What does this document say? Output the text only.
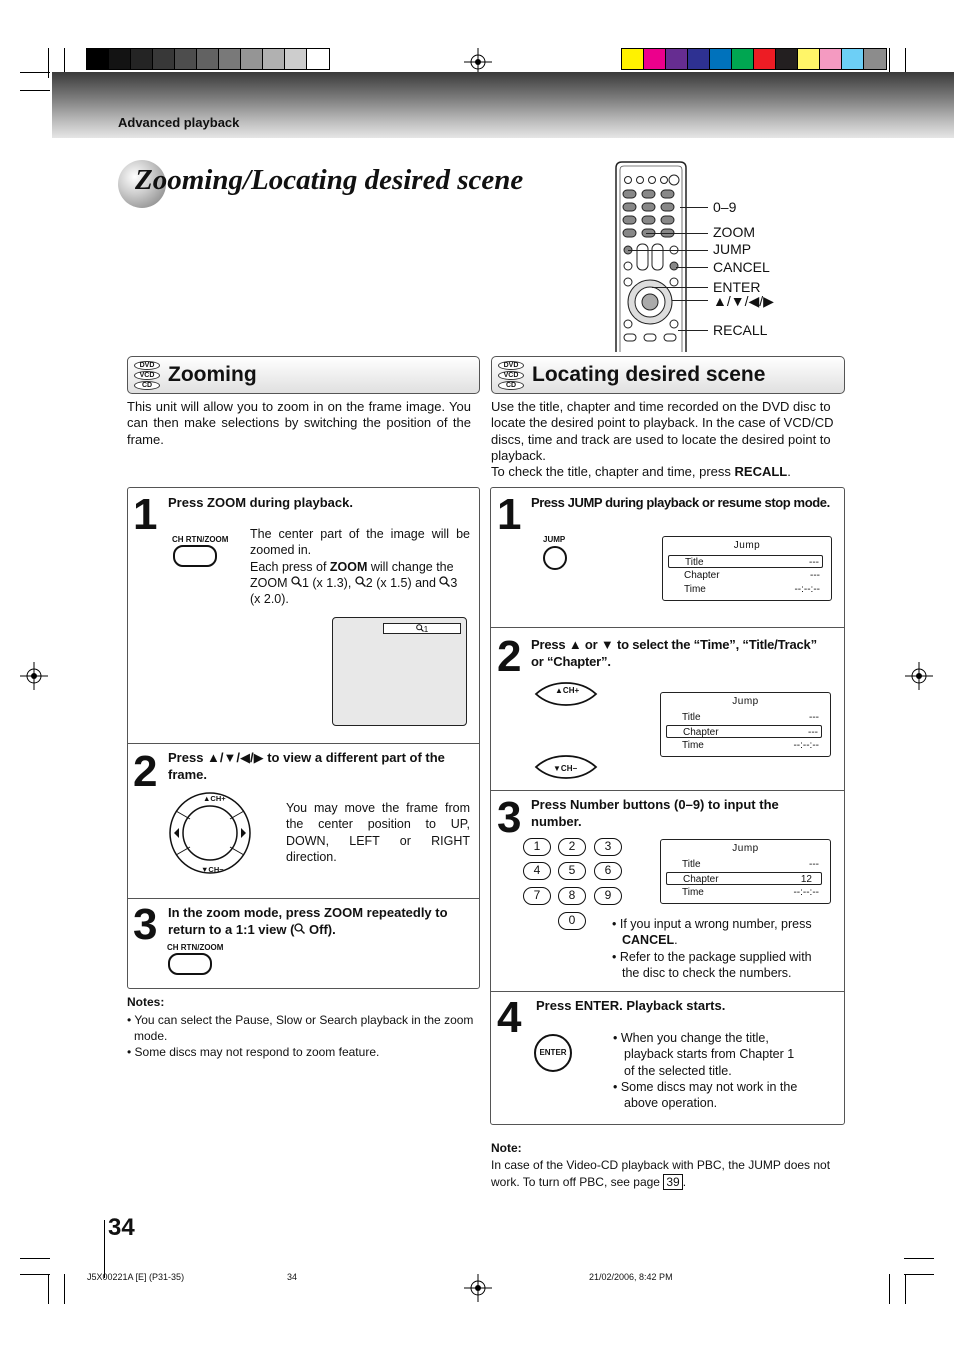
Advanced playback
Zooming/Locating desired scene
0–9
ZOOM
JUMP
CANCEL
ENTER
▲/▼/◀/▶
RECALL
DVD
VCD
CD Zooming
This unit will allow you to zoom in on the frame image. You can then make selections by switching the position of the frame.
DVD
VCD
CD Locating desired scene
Use the title, chapter and time recorded on the DVD disc to locate the desired point to playback. In the case of VCD/CD discs, time and track are used to locate the desired point to playback.
To check the title, chapter and time, press RECALL.
1 Press ZOOM during playback.
CH RTN/ZOOM The center part of the image will be zoomed in.
Each press of ZOOM will change the
ZOOM 1 (x 1.3), 2 (x 1.5) and 3
(x 2.0).
1
2 Press ▲/▼/◀/▶ to view a different part of the
frame.
▲CH+
▼CH−
You may move the frame from the center position to UP, DOWN, LEFT or RIGHT direction.
3 In the zoom mode, press ZOOM repeatedly to
return to a 1:1 view ( Off).
CH RTN/ZOOM
Notes:
• You can select the Pause, Slow or Search playback in the zoom
mode.
• Some discs may not respond to zoom feature.
1 Press JUMP during playback or resume stop mode.
JUMP
Jump
Title	---
Chapter	---
Time	--:--:--
2 Press ▲ or ▼ to select the “Time”, “Title/Track”
or “Chapter”.
▲CH+
▼CH−
Jump
Title	---
Chapter	---
Time	--:--:--
3 Press Number buttons (0–9) to input the
number.
1	2	3
4	5	6
7	8	9
0
Jump
Title	---
Chapter	12
Time	--:--:--
• If you input a wrong number, press
CANCEL.
• Refer to the package supplied with
the disc to check the numbers.
4 Press ENTER. Playback starts.
ENTER
• When you change the title,
playback starts from Chapter 1
of the selected title.
• Some discs may not work in the
above operation.
Note:
In case of the Video-CD playback with PBC, the JUMP does not
work. To turn off PBC, see page 39 .
34
J5X00221A [E] (P31-35)	34	21/02/2006, 8:42 PM
